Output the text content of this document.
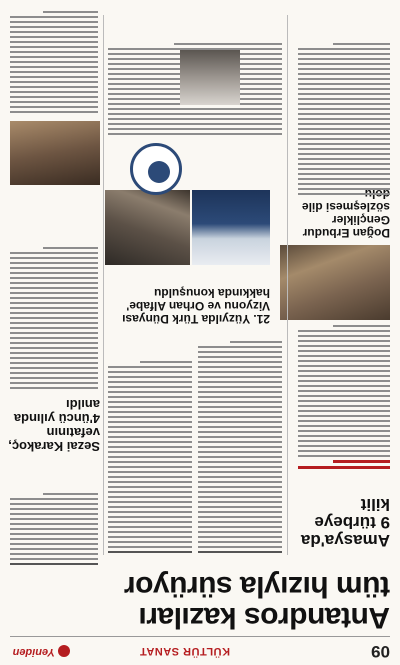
09
KÜLTÜR SANAT
Yeniden
Antandros kazıları tüm hızıyla sürüyor
Amasya'da 9 türbeye kilit
Doğan Erbudur Gençlikler sözleşmesi dile
21. Yüzyılda Türk Dünyası Vizyonu ve Orhan Alfabe' hakkında konuşuldu
Sezai Karakoç, vefatının 4'üncü yılında anıldı
